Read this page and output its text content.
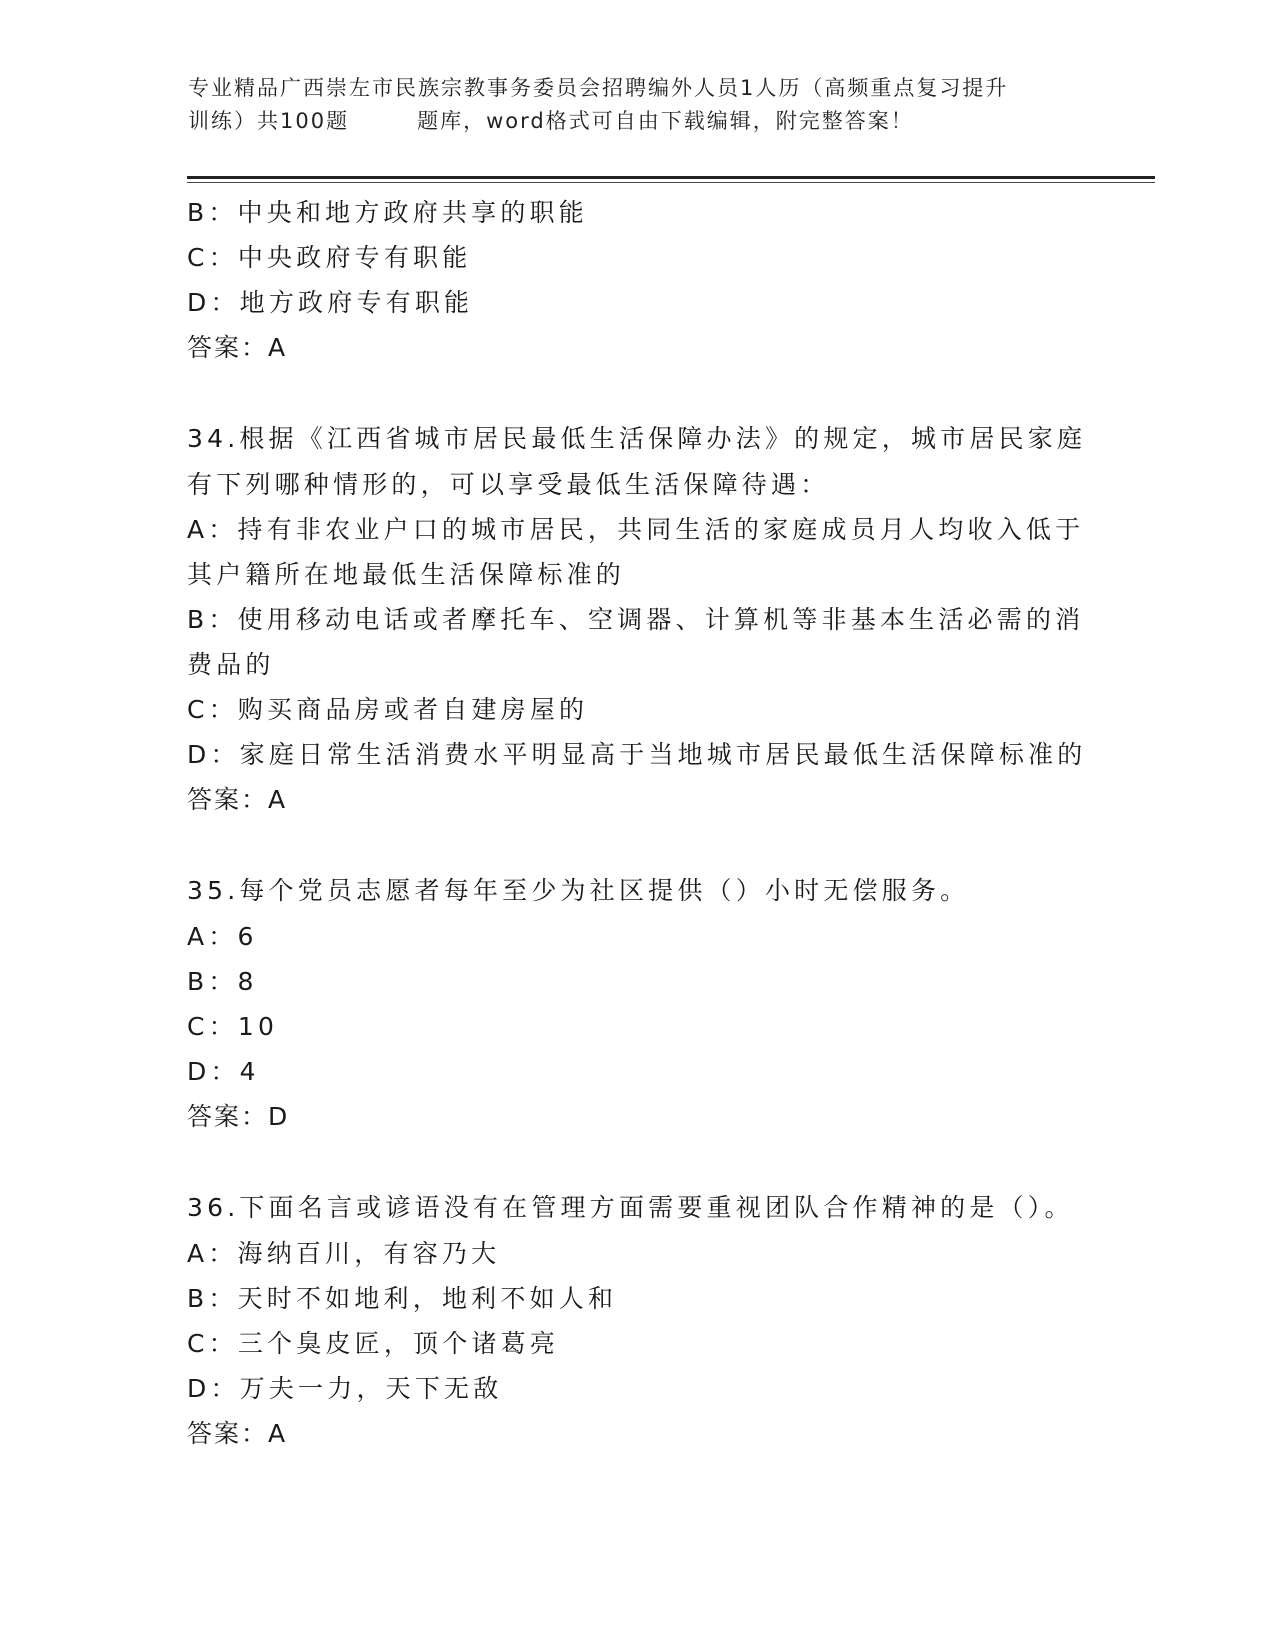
专业精品广西崇左市民族宗教事务委员会招聘编外人员1人历（高频重点复习提升
训练）共100题	题库，word格式可自由下载编辑，附完整答案！
B：中央和地方政府共享的职能
C：中央政府专有职能
D：地方政府专有职能
答案：A
34.根据《江西省城市居民最低生活保障办法》的规定，城市居民家庭
有下列哪种情形的，可以享受最低生活保障待遇：
A：持有非农业户口的城市居民，共同生活的家庭成员月人均收入低于
其户籍所在地最低生活保障标准的
B：使用移动电话或者摩托车、空调器、计算机等非基本生活必需的消
费品的
C：购买商品房或者自建房屋的
D：家庭日常生活消费水平明显高于当地城市居民最低生活保障标准的
答案：A
35.每个党员志愿者每年至少为社区提供（）小时无偿服务。
A：6
B：8
C：10
D：4
答案：D
36.下面名言或谚语没有在管理方面需要重视团队合作精神的是（）。
A：海纳百川，有容乃大
B：天时不如地利，地利不如人和
C：三个臭皮匠，顶个诸葛亮
D：万夫一力，天下无敌
答案：A
